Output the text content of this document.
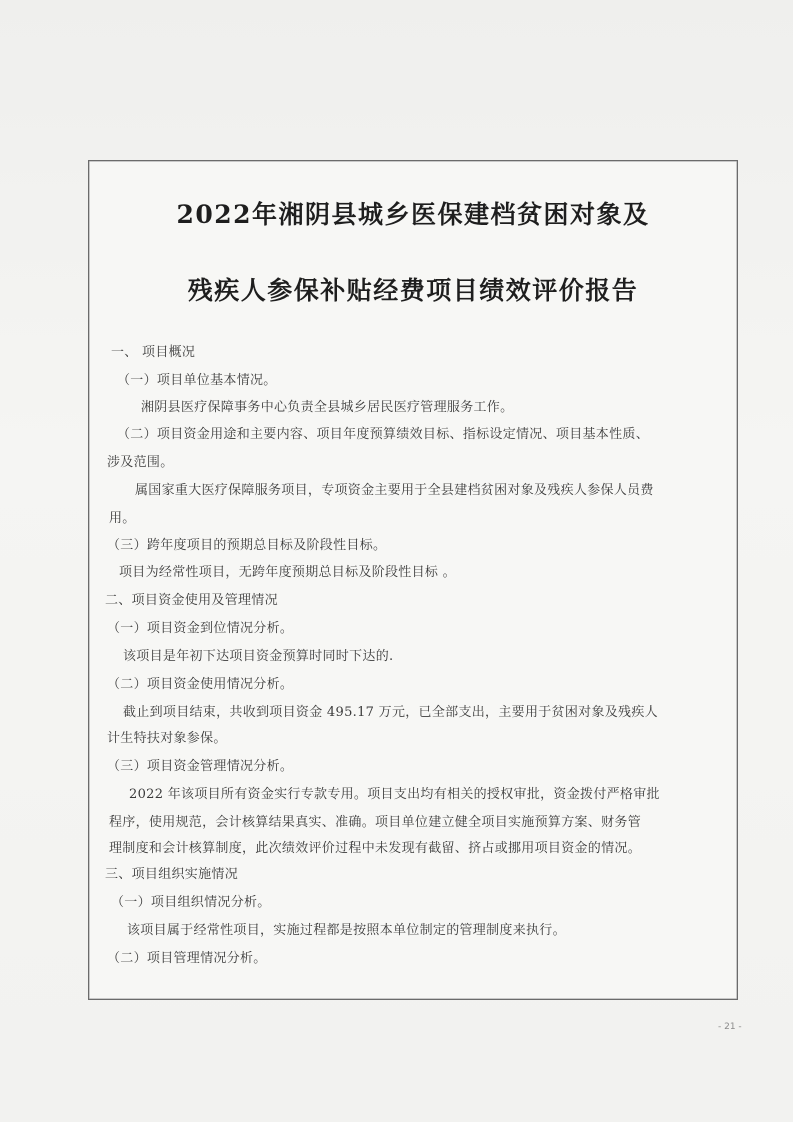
2022年湘阴县城乡医保建档贫困对象及
残疾人参保补贴经费项目绩效评价报告
一、 项目概况
（一）项目单位基本情况。
湘阴县医疗保障事务中心负责全县城乡居民医疗管理服务工作。
（二）项目资金用途和主要内容、项目年度预算绩效目标、指标设定情况、项目基本性质、
涉及范围。
属国家重大医疗保障服务项目，专项资金主要用于全县建档贫困对象及残疾人参保人员费
用。
（三）跨年度项目的预期总目标及阶段性目标。
项目为经常性项目，无跨年度预期总目标及阶段性目标 。
二、项目资金使用及管理情况
（一）项目资金到位情况分析。
该项目是年初下达项目资金预算时同时下达的.
（二）项目资金使用情况分析。
截止到项目结束，共收到项目资金 495.17 万元，已全部支出，主要用于贫困对象及残疾人
计生特扶对象参保。
（三）项目资金管理情况分析。
2022 年该项目所有资金实行专款专用。项目支出均有相关的授权审批，资金拨付严格审批
程序，使用规范，会计核算结果真实、准确。项目单位建立健全项目实施预算方案、财务管
理制度和会计核算制度，此次绩效评价过程中未发现有截留、挤占或挪用项目资金的情况。
三、项目组织实施情况
（一）项目组织情况分析。
该项目属于经常性项目，实施过程都是按照本单位制定的管理制度来执行。
（二）项目管理情况分析。
- 21 -
